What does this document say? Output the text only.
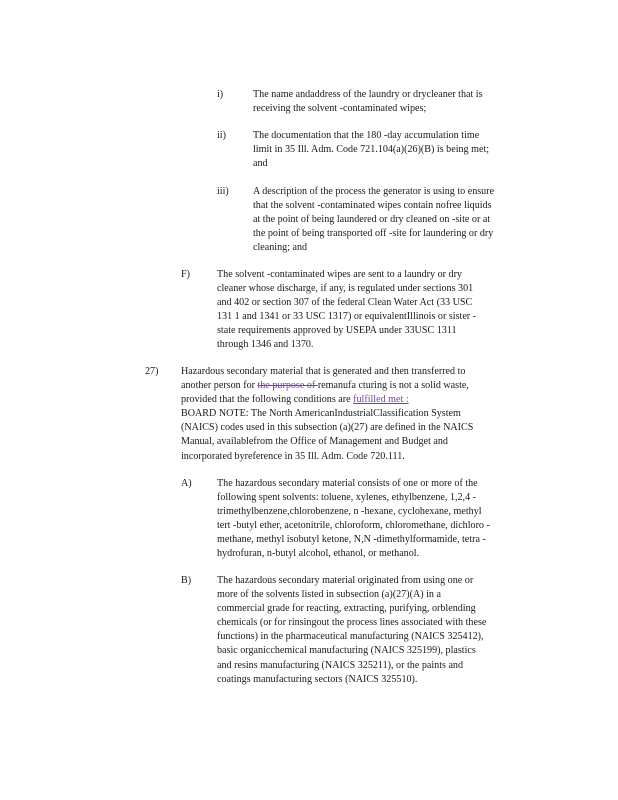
i)	The name andaddress of the laundry or drycleaner that is
receiving the solvent -contaminated wipes;
ii)	The documentation that the 180 -day accumulation time
limit in 35 Ill. Adm. Code 721.104(a)(26)(B) is being met;
and
iii) A description of the process the generator is using to ensure
that the solvent -contaminated wipes contain nofree liquids
at the point of being laundered or dry cleaned on -site or at
the point of being transported off -site for laundering or dry
cleaning; and
F)	The solvent -contaminated wipes are sent to a laundry or dry
cleaner whose discharge, if any, is regulated under sections 301
and 402 or section 307 of the federal Clean Water Act (33 USC
131 1 and 1341 or 33 USC 1317) or equivalentIllinois or sister -
state requirements approved by USEPA under 33USC 1311
through 1346 and 1370.
27) Hazardous secondary material that is generated and then transferred to
another person for the purpose of remanufa cturing is not a solid waste,
provided that the following conditions are fulfilled met :
BOARD NOTE: The North AmericanIndustrialClassification System
(NAICS) codes used in this subsection (a)(27) are defined in the NAICS
Manual, availablefrom the Office of Management and Budget and
incorporated byreference in 35 Ill. Adm. Code 720.111.
A)	The hazardous secondary material consists of one or more of the
following spent solvents: toluene, xylenes, ethylbenzene, 1,2,4 -
trimethylbenzene,chlorobenzene, n -hexane, cyclohexane, methyl
tert -butyl ether, acetonitrile, chloroform, chloromethane, dichloro -
methane, methyl isobutyl ketone, N,N -dimethylformamide, tetra -
hydrofuran, n-butyl alcohol, ethanol, or methanol.
B)	The hazardous secondary material originated from using one or
more of the solvents listed in subsection (a)(27)(A) in a
commercial grade for reacting, extracting, purifying, orblending
chemicals (or for rinsingout the process lines associated with these
functions) in the pharmaceutical manufacturing (NAICS 325412),
basic organicchemical manufacturing (NAICS 325199), plastics
and resins manufacturing (NAICS 325211), or the paints and
coatings manufacturing sectors (NAICS 325510).
